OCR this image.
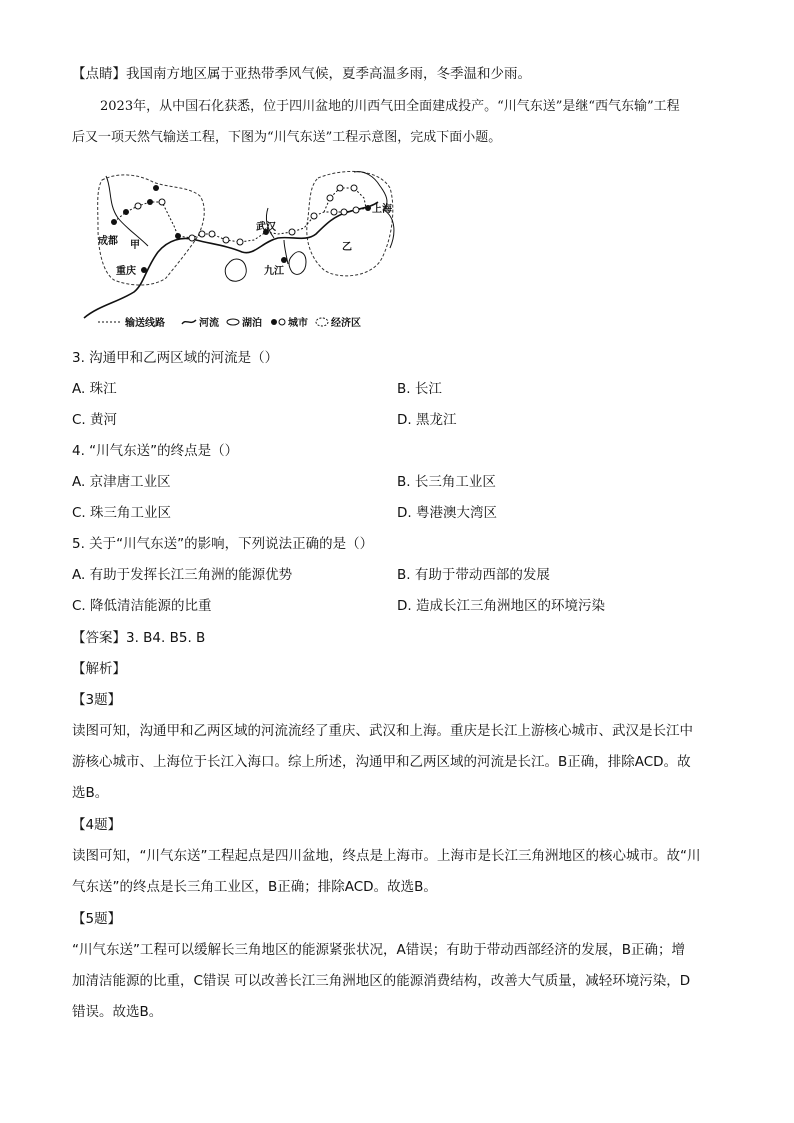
【点睛】我国南方地区属于亚热带季风气候，夏季高温多雨，冬季温和少雨。
2023年，从中国石化获悉，位于四川盆地的川西气田全面建成投产。“川气东送”是继“西气东输”工程
后又一项天然气输送工程，下图为“川气东送”工程示意图，完成下面小题。
成都 甲
重庆
武汉
九江
上海
乙
输送线路	河流 湖泊	城市 经济区
3. 沟通甲和乙两区域的河流是（）
A. 珠江	B. 长江
C. 黄河	D. 黑龙江
4. “川气东送”的终点是（）
A. 京津唐工业区	B. 长三角工业区
C. 珠三角工业区	D. 粤港澳大湾区
5. 关于“川气东送”的影响，下列说法正确的是（）
A. 有助于发挥长江三角洲的能源优势	B. 有助于带动西部的发展
C. 降低清洁能源的比重	D. 造成长江三角洲地区的环境污染
【答案】3. B4. B5. B
【解析】
【3题】
读图可知，沟通甲和乙两区域的河流流经了重庆、武汉和上海。重庆是长江上游核心城市、武汉是长江中
游核心城市、上海位于长江入海口。综上所述，沟通甲和乙两区域的河流是长江。B正确，排除ACD。故
选B。
【4题】
读图可知，“川气东送”工程起点是四川盆地，终点是上海市。上海市是长江三角洲地区的核心城市。故“川
气东送”的终点是长三角工业区，B正确；排除ACD。故选B。
【5题】
“川气东送”工程可以缓解长三角地区的能源紧张状况，A错误；有助于带动西部经济的发展，B正确；增
加清洁能源的比重，C错误 可以改善长江三角洲地区的能源消费结构，改善大气质量，减轻环境污染，D
错误。故选B。
